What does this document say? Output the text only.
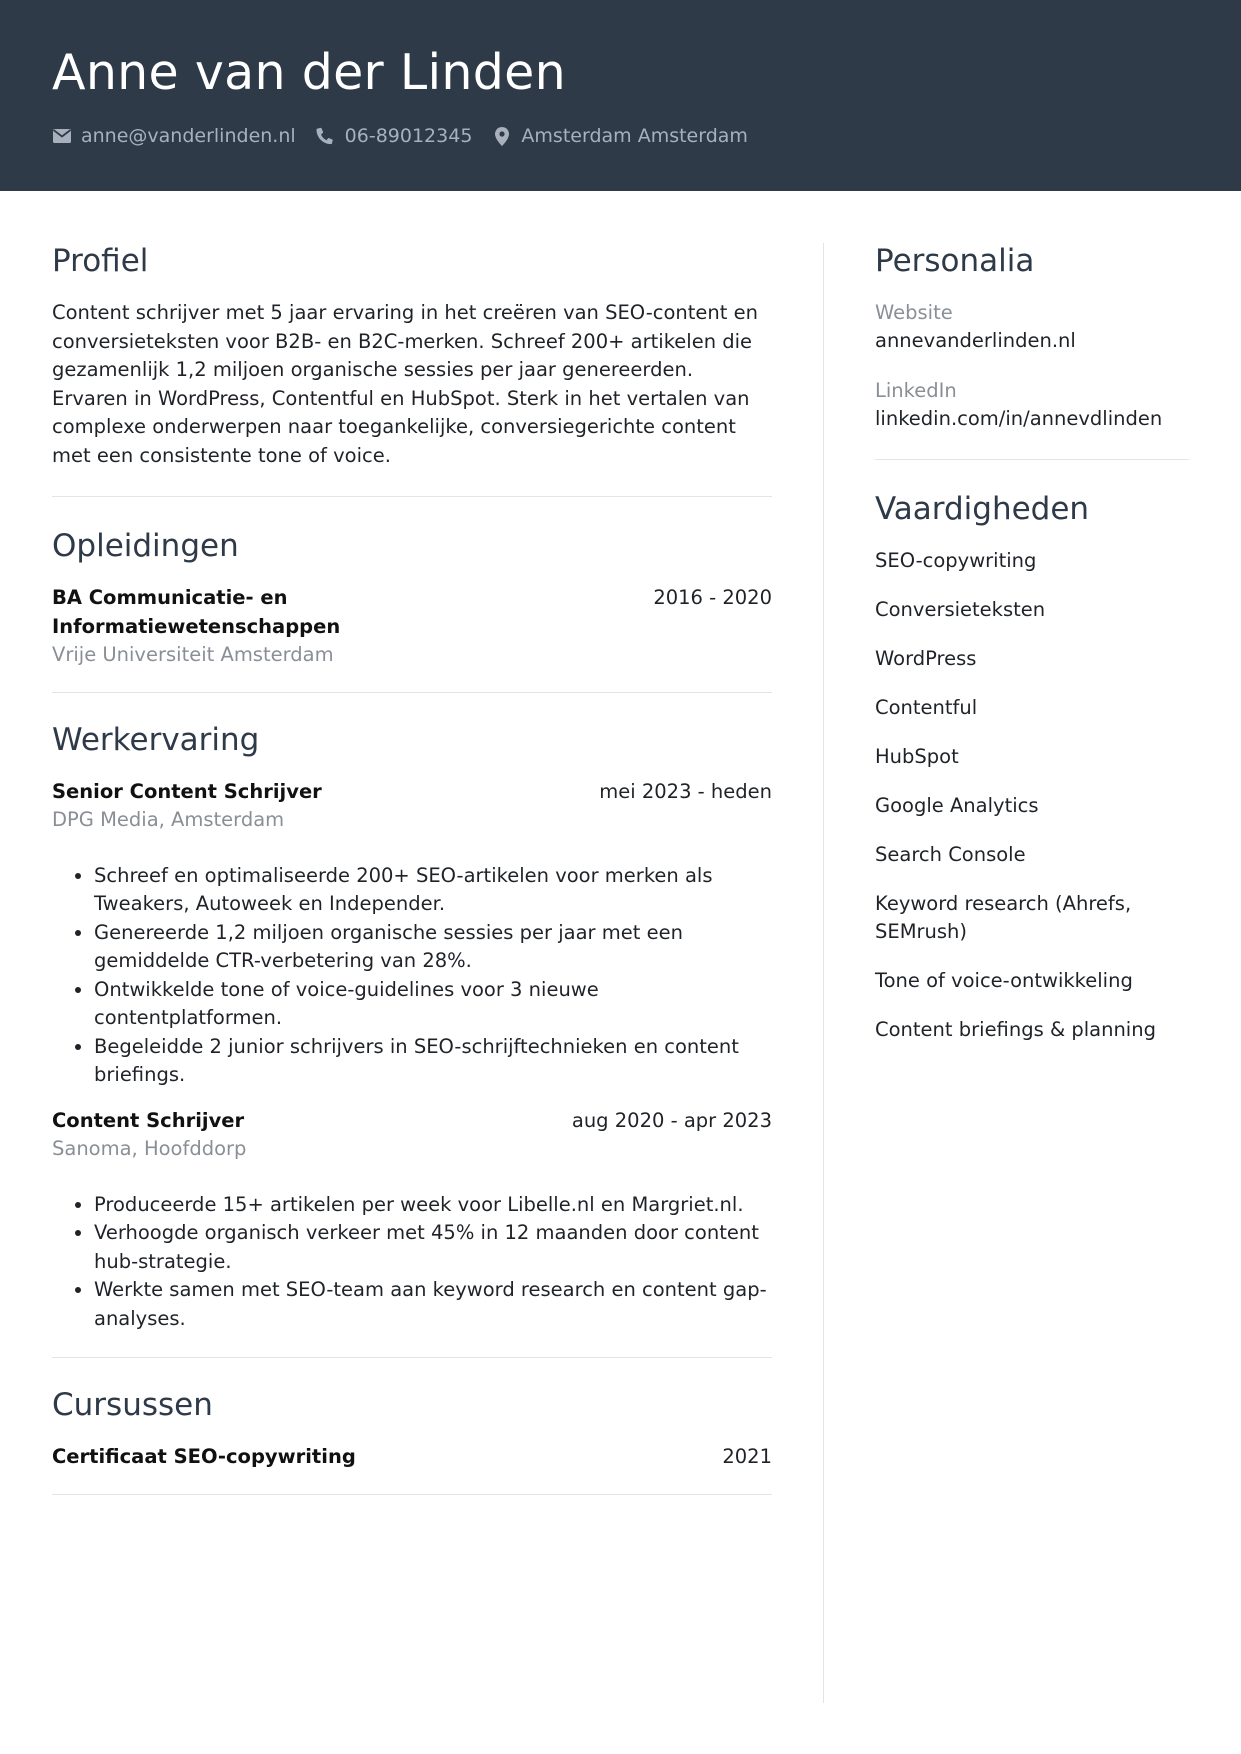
Anne van der Linden
anne@vanderlinden.nl	06-89012345	Amsterdam Amsterdam
Profiel
Content schrijver met 5 jaar ervaring in het creëren van SEO-content en conversieteksten voor B2B- en B2C-merken. Schreef 200+ artikelen die gezamenlijk 1,2 miljoen organische sessies per jaar genereerden. Ervaren in WordPress, Contentful en HubSpot. Sterk in het vertalen van complexe onderwerpen naar toegankelijke, conversiegerichte content met een consistente tone of voice.
Opleidingen
BA Communicatie- en
Informatiewetenschappen
2016 - 2020
Vrije Universiteit Amsterdam
Werkervaring
Senior Content Schrijver	mei 2023 - heden
DPG Media, Amsterdam
• Schreef en optimaliseerde 200+ SEO-artikelen voor merken als Tweakers, Autoweek en Independer.
• Genereerde 1,2 miljoen organische sessies per jaar met een gemiddelde CTR-verbetering van 28%.
• Ontwikkelde tone of voice-guidelines voor 3 nieuwe contentplatformen.
• Begeleidde 2 junior schrijvers in SEO-schrijftechnieken en content briefings.
Content Schrijver	aug 2020 - apr 2023
Sanoma, Hoofddorp
• Produceerde 15+ artikelen per week voor Libelle.nl en Margriet.nl.
• Verhoogde organisch verkeer met 45% in 12 maanden door content hub-strategie.
• Werkte samen met SEO-team aan keyword research en content gap-analyses.
Cursussen
Certificaat SEO-copywriting	2021
Personalia
Website
annevanderlinden.nl
LinkedIn
linkedin.com/in/annevdlinden
Vaardigheden
SEO-copywriting
Conversieteksten
WordPress
Contentful
HubSpot
Google Analytics
Search Console
Keyword research (Ahrefs, SEMrush)
Tone of voice-ontwikkeling
Content briefings & planning
